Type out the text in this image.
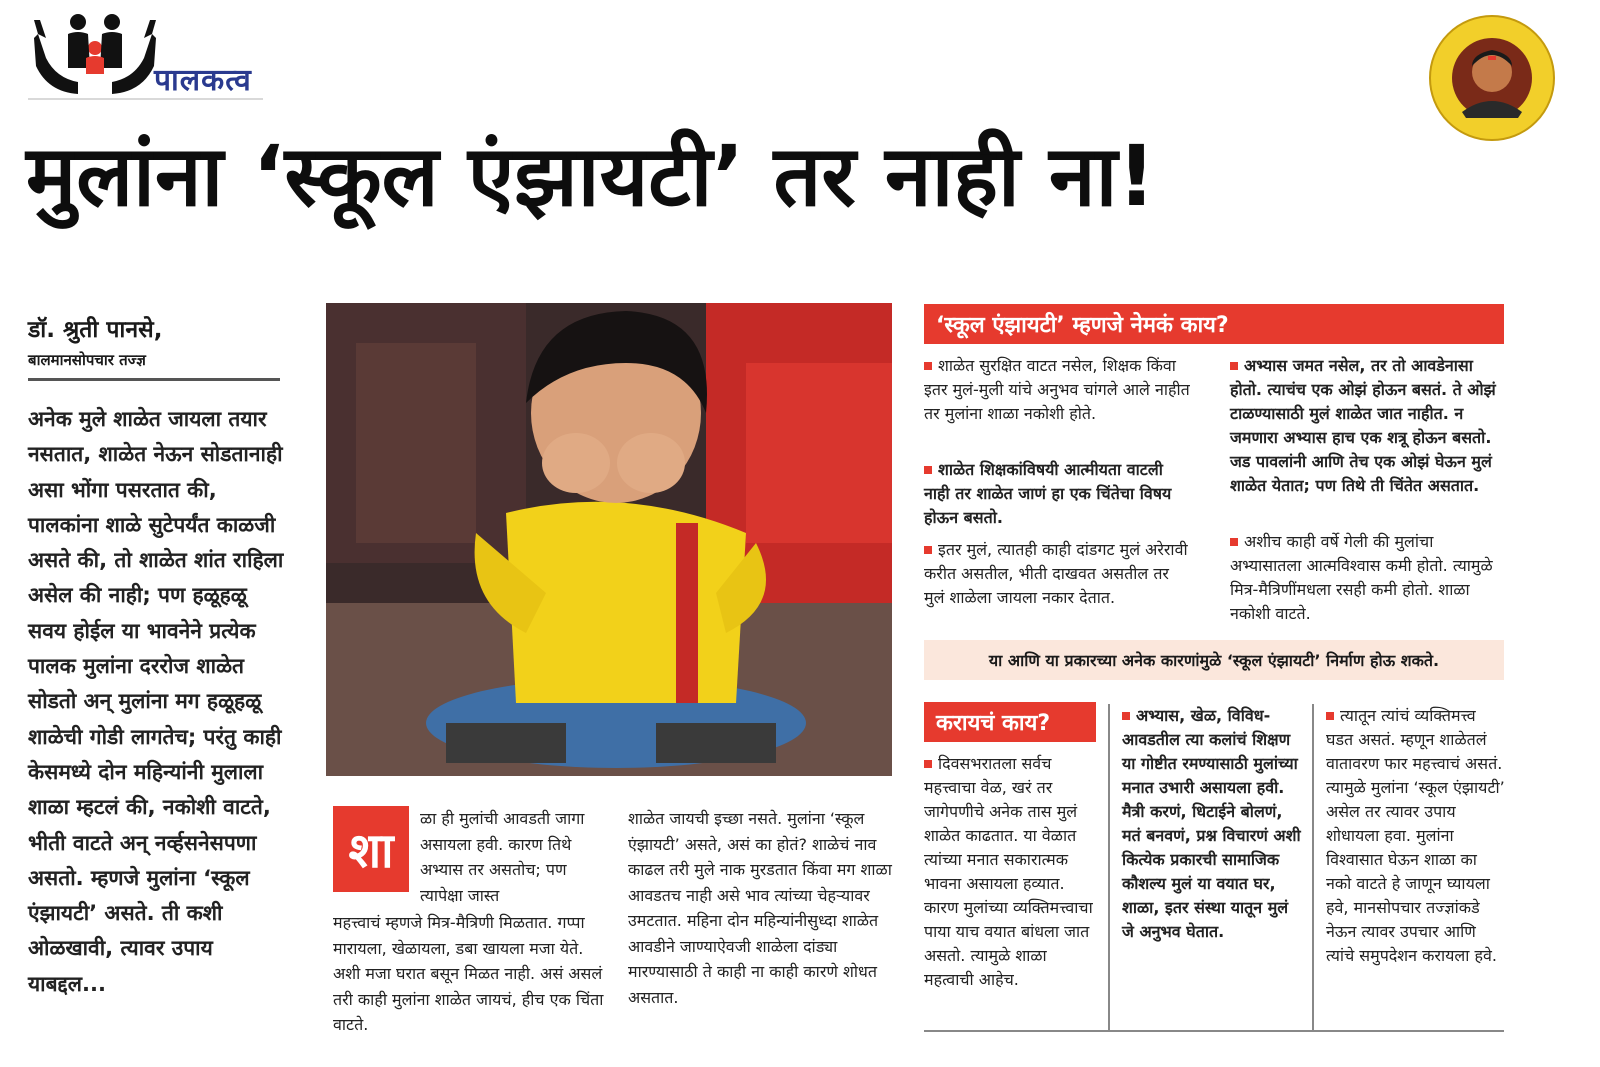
पालकत्व
मुलांना ‘स्कूल एंझायटी’ तर नाही ना!
डॉ. श्रुती पानसे,
बालमानसोपचार तज्ज्ञ
अनेक मुले शाळेत जायला तयार नसतात, शाळेत नेऊन सोडतानाही असा भोंगा पसरतात की, पालकांना शाळे सुटेपर्यंत काळजी असते की, तो शाळेत शांत राहिला असेल की नाही; पण हळूहळू सवय होईल या भावनेने प्रत्येक पालक मुलांना दररोज शाळेत सोडतो अन् मुलांना मग हळूहळू शाळेची गोडी लागतेच; परंतु काही केसमध्ये दोन महिन्यांनी मुलाला शाळा म्हटलं की, नकोशी वाटते, भीती वाटते अन् नर्व्हसनेसपणा असतो. म्हणजे मुलांना ‘स्कूल एंझायटी’ असते. ती कशी ओळखावी, त्यावर उपाय याबद्दल...
शा
ळा ही मुलांची आवडती जागा असायला हवी. कारण तिथे अभ्यास तर असतोच; पण त्यापेक्षा जास्त
महत्त्वाचं म्हणजे मित्र-मैत्रिणी मिळतात. गप्पा मारायला, खेळायला, डबा खायला मजा येते. अशी मजा घरात बसून मिळत नाही. असं असलं तरी काही मुलांना शाळेत जायचं, हीच एक चिंता वाटते.
शाळेत जायची इच्छा नसते. मुलांना ‘स्कूल एंझायटी’ असते, असं का होतं? शाळेचं नाव काढल तरी मुले नाक मुरडतात किंवा मग शाळा आवडतच नाही असे भाव त्यांच्या चेहऱ्यावर उमटतात. महिना दोन महिन्यांनीसुध्दा शाळेत आवडीने जाण्याऐवजी शाळेला दांड्या मारण्यासाठी ते काही ना काही कारणे शोधत असतात.
‘स्कूल एंझायटी’ म्हणजे नेमकं काय?
शाळेत सुरक्षित वाटत नसेल, शिक्षक किंवा इतर मुलं-मुली यांचे अनुभव चांगले आले नाहीत तर मुलांना शाळा नकोशी होते.
शाळेत शिक्षकांविषयी आत्मीयता वाटली नाही तर शाळेत जाणं हा एक चिंतेचा विषय होऊन बसतो.
इतर मुलं, त्यातही काही दांडगट मुलं अरेरावी करीत असतील, भीती दाखवत असतील तर मुलं शाळेला जायला नकार देतात.
अभ्यास जमत नसेल, तर तो आवडेनासा होतो. त्याचंच एक ओझं होऊन बसतं. ते ओझं टाळण्यासाठी मुलं शाळेत जात नाहीत. न जमणारा अभ्यास हाच एक शत्रू होऊन बसतो. जड पावलांनी आणि तेच एक ओझं घेऊन मुलं शाळेत येतात; पण तिथे ती चिंतेत असतात.
अशीच काही वर्षे गेली की मुलांचा अभ्यासातला आत्मविश्वास कमी होतो. त्यामुळे मित्र-मैत्रिणींमधला रसही कमी होतो. शाळा नकोशी वाटते.
या आणि या प्रकारच्या अनेक कारणांमुळे ‘स्कूल एंझायटी’ निर्माण होऊ शकते.
करायचं काय?
दिवसभरातला सर्वच महत्त्वाचा वेळ, खरं तर जागेपणीचे अनेक तास मुलं शाळेत काढतात. या वेळात त्यांच्या मनात सकारात्मक भावना असायला हव्यात. कारण मुलांच्या व्यक्तिमत्त्वाचा पाया याच वयात बांधला जात असतो. त्यामुळे शाळा महत्वाची आहेच.
अभ्यास, खेळ, विविध-आवडतील त्या कलांचं शिक्षण या गोष्टीत रमण्यासाठी मुलांच्या मनात उभारी असायला हवी. मैत्री करणं, धिटाईने बोलणं, मतं बनवणं, प्रश्न विचारणं अशी कित्येक प्रकारची सामाजिक कौशल्य मुलं या वयात घर, शाळा, इतर संस्था यातून मुलं जे अनुभव घेतात.
त्यातून त्यांचं व्यक्तिमत्त्व घडत असतं. म्हणून शाळेतलं वातावरण फार महत्त्वाचं असतं. त्यामुळे मुलांना ‘स्कूल एंझायटी’ असेल तर त्यावर उपाय शोधायला हवा. मुलांना विश्वासात घेऊन शाळा का नको वाटते हे जाणून घ्यायला हवे, मानसोपचार तज्ज्ञांकडे नेऊन त्यावर उपचार आणि त्यांचे समुपदेशन करायला हवे.
